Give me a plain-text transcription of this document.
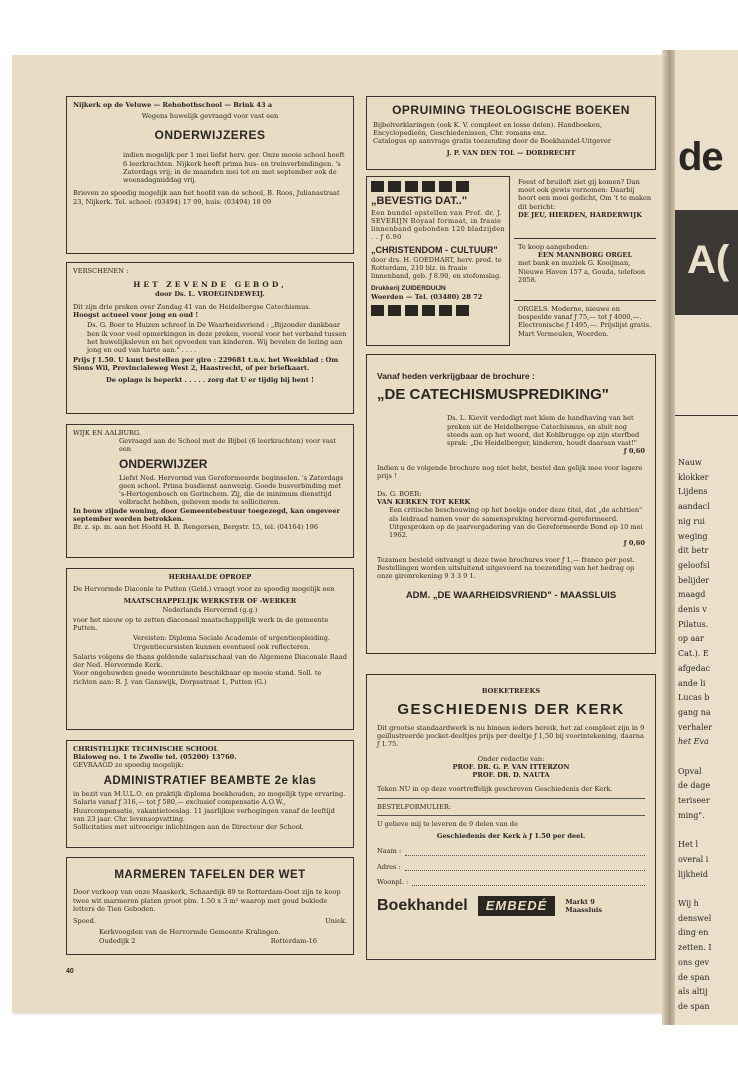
Nijkerk op de Veluwe — Rehobothschool — Brink 43 a
Wegens huwelijk gevraagd voor vast een
ONDERWIJZERES
indien mogelijk per 1 mei liefst herv. ger. Onze mooie school heeft 6 leerkrachten. Nijkerk heeft prima bus- en treinverbindingen. 's Zaterdags vrij; in de maanden mei tot en met september ook de woensdagmiddag vrij.
Brieven zo spoedig mogelijk aan het hoofd van de school, B. Roos, Julianastraat 23, Nijkerk. Tel. school: (03494) 17 09, huis: (03494) 18 09
VERSCHENEN :
HET ZEVENDE GEBOD,
door Ds. L. VROEGINDEWEIJ.
Dit zijn drie preken over Zondag 41 van de Heidelbergse Catechismus.
Hoogst actueel voor jong en oud !
Ds. G. Boer te Huizen schreef in De Waarheidsvriend : „Bijzonder dankbaar ben ik voor veel opmerkingen in deze preken, vooral voor het verband tussen het huwelijksleven en het opvoeden van kinderen. Wij bevelen de lezing aan jong en oud van harte aan." . . . .
Prijs ƒ 1.50. U kunt bestellen per giro : 229681 t.n.v. het Weekblad : Om Sions Wil, Provincialeweg West 2, Haastrecht, of per briefkaart.
De oplage is beperkt . . . . . zorg dat U er tijdig bij bent !
WIJK EN AALBURG.
Gevraagd aan de School met de Bijbel (6 leerkrachten) voor vast een
ONDERWIJZER
Liefst Ned. Hervormd van Gereformeerde beginselen. 's Zaterdags geen school. Prima busdienst aanwezig. Goede busverbinding met 's-Hertogenbosch en Gorinchem. Zij, die de minimum diensttijd volbracht hebben, gelieven mede te solliciteren.
In bouw zijnde woning, door Gemeentebestuur toegezegd, kan ongeveer september worden betrokken.
Br. z. sp. m. aan het Hoofd H. B. Rengersen, Bergstr. 15, tel. (04164) 196
HERHAALDE OPROEP
De Hervormde Diaconie te Putten (Geld.) vraagt voor zo spoedig mogelijk een
MAATSCHAPPELIJK WERKSTER OF -WERKER
Nederlands Hervormd (g.g.)
voor het nieuw op te zetten diaconaal maatschappelijk werk in de gemeente Putten.
Vereisten: Diploma Sociale Academie of urgentieopleiding. Urgentiecursisten kunnen eventueel ook reflecteren.
Salaris volgens de thans geldende salarisschaal van de Algemene Diaconale Raad der Ned. Hervormde Kerk.
Voor ongehuwden goede woonruimte beschikbaar op mooie stand. Soll. te richten aan: R. J. van Ganswijk, Dorpsstraat 1, Putten (G.)
CHRISTELIJKE TECHNISCHE SCHOOL
Blaloweg no. 1 te Zwolle tel. (05200) 13760.
GEVRAAGD zo spoedig mogelijk:
ADMINISTRATIEF BEAMBTE 2e klas
in bezit van M.U.L.O. en praktijk diploma boekhouden, zo mogelijk type ervaring. Salaris vanaf ƒ 316,— tot ƒ 580,— exclusief compensatie A.O.W., Huurcompensatie, vakantietoeslag. 11 jaarlijkse verhogingen vanaf de leeftijd van 23 jaar. Chr. levensopvatting.
Sollicitaties met uitvoerige inlichtingen aan de Directeur der School.
MARMEREN TAFELEN DER WET
Door verkoop van onze Maaskerk, Schaardijk 89 te Rotterdam-Oost zijn te koop twee wit marmeren platen groot plm. 1.50 x 3 m² waarop met goud beklede letters de Tien Geboden.
Spoed.	Uniek.
Kerkvoogden van de Hervormde Gemeente Kralingen.
Oudedijk 2	Rotterdam-16
40
OPRUIMING THEOLOGISCHE BOEKEN
Bijbelverklaringen (ook K. V. compleet en losse delen). Handboeken, Encyclopedieën, Geschiedenissen, Chr. romans enz.
Catalogus op aanvrage gratis toezending door de Boekhandel-Uitgever
J. P. VAN DEN TOL — DORDRECHT
„BEVESTIG DAT.."
Een bundel opstellen van Prof. dr. J. SEVERIJN Royaal formaat, in fraaie linnenband gebonden 120 bladzijden . . ƒ 6.90
„CHRISTENDOM - CULTUUR"
door drs. H. GOEDHART, herv. pred. te Rotterdam, 210 blz. in fraaie linnenband, geb. ƒ 8.90, en stofomslag.
Drukkerij ZUIDERDUIJN
Woerden — Tel. (03480) 28 72
Feest of bruiloft ziet gij komen? Dan moet ook gewis vernomen: Daarbij hoort een mooi gedicht, Om 't te maken dit bericht:
DE JEU, HIERDEN, HARDERWIJK
Te koop aangeboden:
EEN MANNBORG ORGEL
met bank en muziek G. Kooijman, Nieuwe Haven 157 a, Gouda, telefoon 2058.
ORGELS. Moderne, nieuwe en bespeelde vanaf ƒ 75,— tot ƒ 4000,—. Electronische ƒ 1495,—. Prijslijst gratis. Mart Vermeulen, Woerden.
Vanaf heden verkrijgbaar de brochure :
„DE CATECHISMUSPREDIKING"
Ds. L. Kievit verdedigt met klem de handhaving van het preken uit de Heidelbergse Catechismus, en sluit nog steeds aan op het woord, dat Kohlbrugge op zijn sterfbed sprak: „De Heidelberger, kinderen, houdt daaraan vast!"
ƒ 0,60
Indien u de volgende brochure nog niet hebt, bestel dan gelijk mee voor lagere prijs !
Ds. G. BOER:
VAN KERKEN TOT KERK
Een critische beschouwing op het boekje onder deze titel, dat „de achttien" als leidraad namen voor de samenspreking hervormd-gereformeerd. Uitgesproken op de jaarvergadering van de Gereformeerde Bond op 10 mei 1962.
ƒ 0,60
Tezamen besteld ontvangt u deze twee brochures voor ƒ 1,— franco per post. Bestellingen worden uitsluitend uitgevoerd na toezending van het bedrag op onze gironrekening 9 3 3 9 1.
ADM. „DE WAARHEIDSVRIEND" - MAASSLUIS
BOEKETREEKS
GESCHIEDENIS DER KERK
Dit grootse standaardwerk is nu binnen ieders bereik, het zal compleet zijn in 9 geillustreerde pocket-deeltjes prijs per deeltje ƒ 1,50 bij voorintekening, daarna ƒ 1.75.
Onder redactie van:
PROF. DR. G. P. VAN ITTERZON
PROF. DR. D. NAUTA
Teken NU in op deze voortreffelijk geschreven Geschiedenis der Kerk.
BESTELFORMULIER:
U gelieve mij te leveren de 9 delen van de
Geschiedenis der Kerk à ƒ 1.50 per deel.
Naam :
Adres :
Woonpl. :
Boekhandel	EMBEDÉ	Markt 9
Maassluis
de
A(
Nauw
klokker
Lijdens
aandacl
nig rui
weging
dit betr
geloofsl
belijder
maagd
denis v
Pilatus.
op aar
Cat.). E
afgedac
ande li
Lucas b
gang na
verhaler
het Eva
Opval
de dage
teriseer
ming".
Het l
overal i
lijkheid
Wij h
denswel
ding en
zetten. I
ons gev
de span
als altij
de span
